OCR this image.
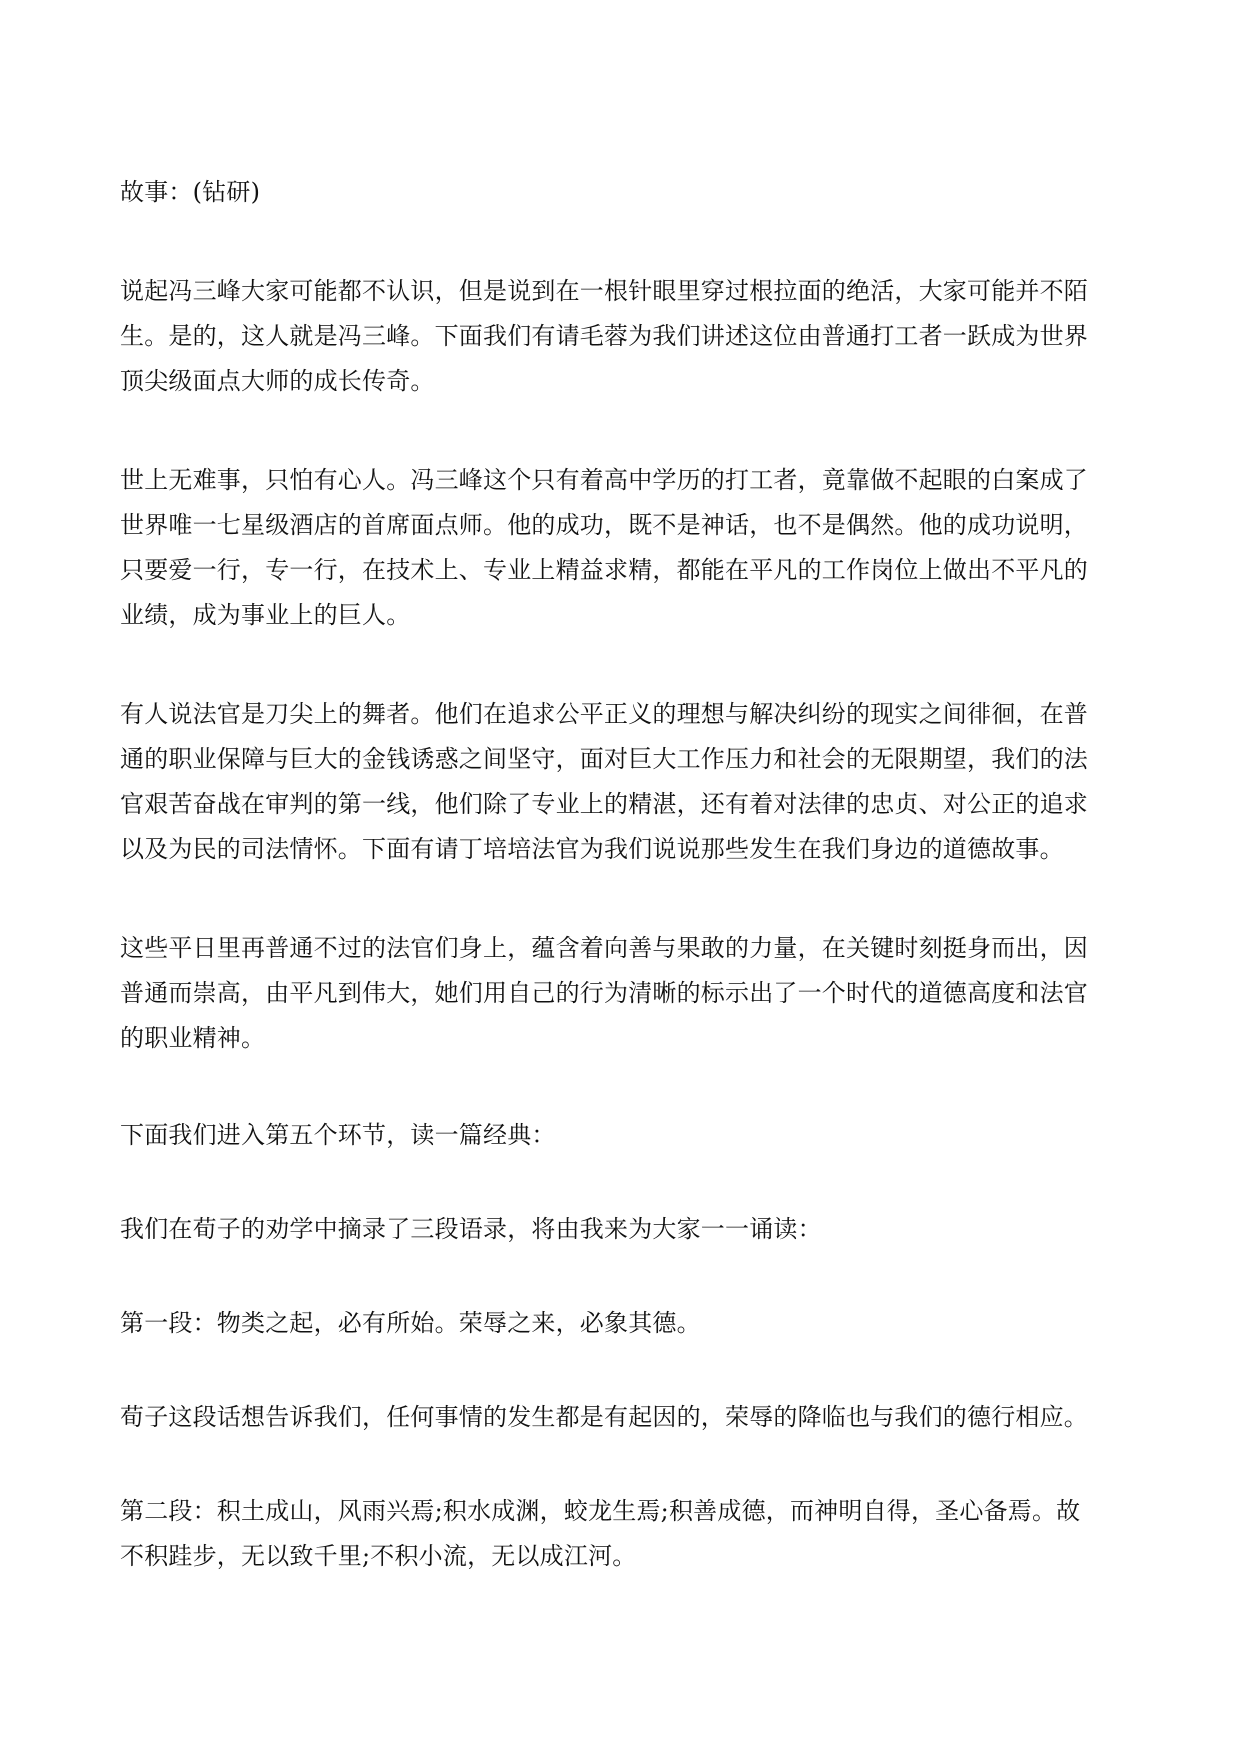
故事：(钻研)

说起冯三峰大家可能都不认识，但是说到在一根针眼里穿过根拉面的绝活，大家可能并不陌
生。是的，这人就是冯三峰。下面我们有请毛蓉为我们讲述这位由普通打工者一跃成为世界
顶尖级面点大师的成长传奇。

世上无难事，只怕有心人。冯三峰这个只有着高中学历的打工者，竟靠做不起眼的白案成了
世界唯一七星级酒店的首席面点师。他的成功，既不是神话，也不是偶然。他的成功说明，
只要爱一行，专一行，在技术上、专业上精益求精，都能在平凡的工作岗位上做出不平凡的
业绩，成为事业上的巨人。

有人说法官是刀尖上的舞者。他们在追求公平正义的理想与解决纠纷的现实之间徘徊，在普
通的职业保障与巨大的金钱诱惑之间坚守，面对巨大工作压力和社会的无限期望，我们的法
官艰苦奋战在审判的第一线，他们除了专业上的精湛，还有着对法律的忠贞、对公正的追求
以及为民的司法情怀。下面有请丁培培法官为我们说说那些发生在我们身边的道德故事。

这些平日里再普通不过的法官们身上，蕴含着向善与果敢的力量，在关键时刻挺身而出，因
普通而崇高，由平凡到伟大，她们用自己的行为清晰的标示出了一个时代的道德高度和法官
的职业精神。

下面我们进入第五个环节，读一篇经典：

我们在荀子的劝学中摘录了三段语录，将由我来为大家一一诵读：

第一段：物类之起，必有所始。荣辱之来，必象其德。

荀子这段话想告诉我们，任何事情的发生都是有起因的，荣辱的降临也与我们的德行相应。

第二段：积土成山，风雨兴焉;积水成渊，蛟龙生焉;积善成德，而神明自得，圣心备焉。故
不积跬步，无以致千里;不积小流，无以成江河。
